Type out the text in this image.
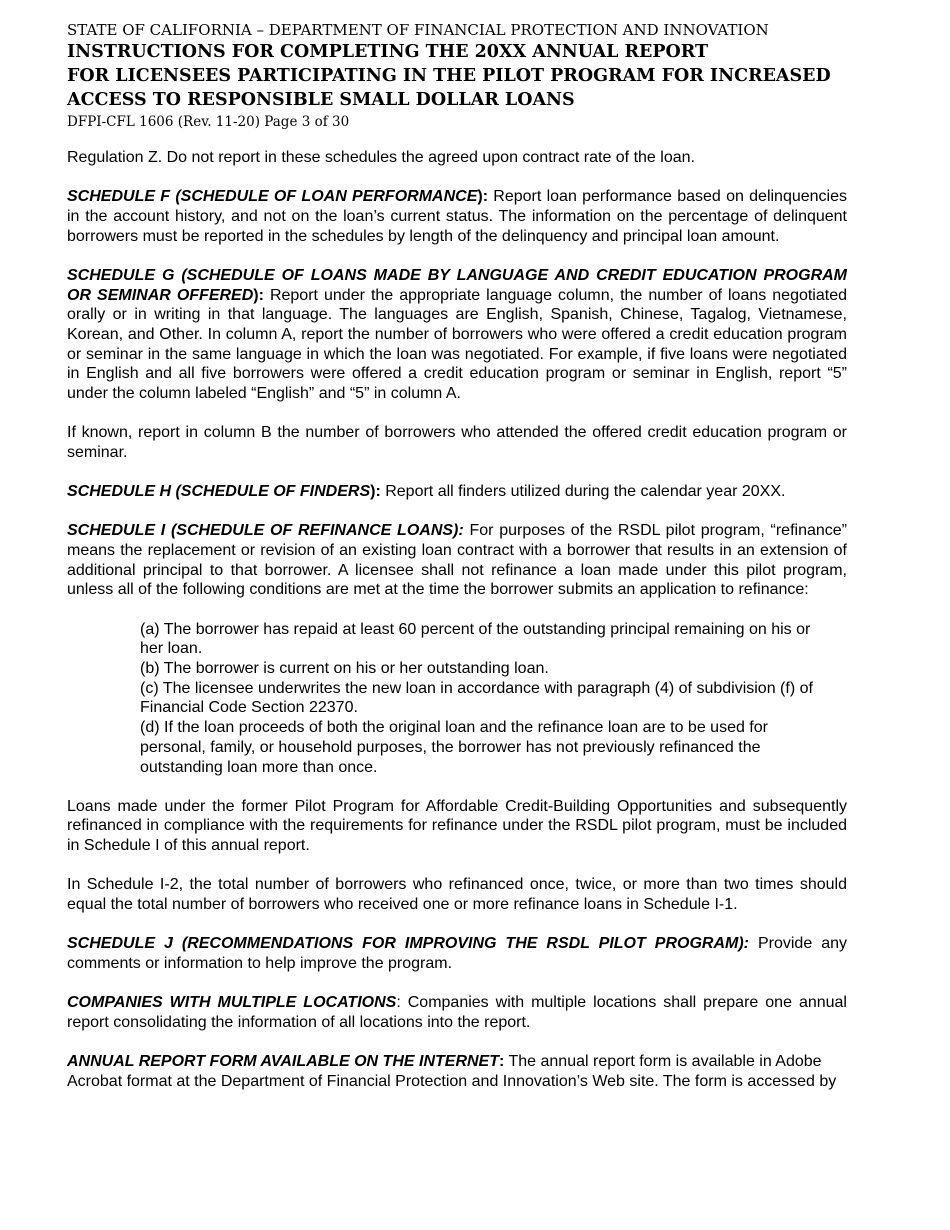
STATE OF CALIFORNIA – DEPARTMENT OF FINANCIAL PROTECTION AND INNOVATION

INSTRUCTIONS FOR COMPLETING THE 20XX ANNUAL REPORT

FOR LICENSEES PARTICIPATING IN THE PILOT PROGRAM FOR INCREASED

ACCESS TO RESPONSIBLE SMALL DOLLAR LOANS

DFPI-CFL 1606 (Rev. 11-20) Page 3 of 30

Regulation Z. Do not report in these schedules the agreed upon contract rate of the loan.

SCHEDULE F (SCHEDULE OF LOAN PERFORMANCE): Report loan performance based on delinquencies in the account history, and not on the loan’s current status. The information on the percentage of delinquent borrowers must be reported in the schedules by length of the delinquency and principal loan amount.

SCHEDULE G (SCHEDULE OF LOANS MADE BY LANGUAGE AND CREDIT EDUCATION PROGRAM OR SEMINAR OFFERED): Report under the appropriate language column, the number of loans negotiated orally or in writing in that language. The languages are English, Spanish, Chinese, Tagalog, Vietnamese, Korean, and Other. In column A, report the number of borrowers who were offered a credit education program or seminar in the same language in which the loan was negotiated. For example, if five loans were negotiated in English and all five borrowers were offered a credit education program or seminar in English, report “5” under the column labeled “English” and “5” in column A.

If known, report in column B the number of borrowers who attended the offered credit education program or seminar.

SCHEDULE H (SCHEDULE OF FINDERS): Report all finders utilized during the calendar year 20XX.

SCHEDULE I (SCHEDULE OF REFINANCE LOANS): For purposes of the RSDL pilot program, “refinance” means the replacement or revision of an existing loan contract with a borrower that results in an extension of additional principal to that borrower. A licensee shall not refinance a loan made under this pilot program, unless all of the following conditions are met at the time the borrower submits an application to refinance:

(a) The borrower has repaid at least 60 percent of the outstanding principal remaining on his or her loan.

(b) The borrower is current on his or her outstanding loan.

(c) The licensee underwrites the new loan in accordance with paragraph (4) of subdivision (f) of Financial Code Section 22370.

(d) If the loan proceeds of both the original loan and the refinance loan are to be used for personal, family, or household purposes, the borrower has not previously refinanced the outstanding loan more than once.

Loans made under the former Pilot Program for Affordable Credit-Building Opportunities and subsequently refinanced in compliance with the requirements for refinance under the RSDL pilot program, must be included in Schedule I of this annual report.

In Schedule I-2, the total number of borrowers who refinanced once, twice, or more than two times should equal the total number of borrowers who received one or more refinance loans in Schedule I-1.

SCHEDULE J (RECOMMENDATIONS FOR IMPROVING THE RSDL PILOT PROGRAM): Provide any comments or information to help improve the program.

COMPANIES WITH MULTIPLE LOCATIONS: Companies with multiple locations shall prepare one annual report consolidating the information of all locations into the report.

ANNUAL REPORT FORM AVAILABLE ON THE INTERNET: The annual report form is available in Adobe Acrobat format at the Department of Financial Protection and Innovation’s Web site. The form is accessed by
